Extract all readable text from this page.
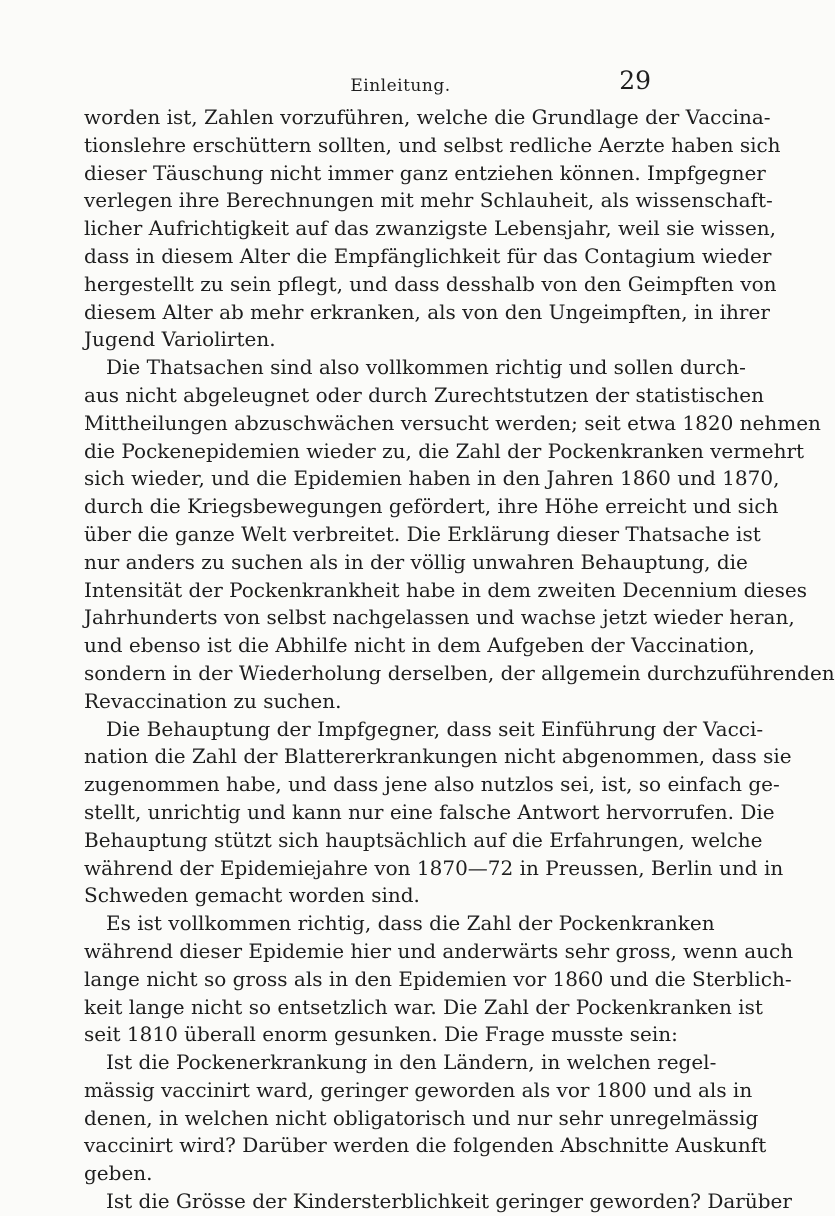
Einleitung.	29
worden ist, Zahlen vorzuführen, welche die Grundlage der Vaccina-
tionslehre erschüttern sollten, und selbst redliche Aerzte haben sich
dieser Täuschung nicht immer ganz entziehen können. Impfgegner
verlegen ihre Berechnungen mit mehr Schlauheit, als wissenschaft-
licher Aufrichtigkeit auf das zwanzigste Lebensjahr, weil sie wissen,
dass in diesem Alter die Empfänglichkeit für das Contagium wieder
hergestellt zu sein pflegt, und dass desshalb von den Geimpften von
diesem Alter ab mehr erkranken, als von den Ungeimpften, in ihrer
Jugend Variolirten.
Die Thatsachen sind also vollkommen richtig und sollen durch-
aus nicht abgeleugnet oder durch Zurechtstutzen der statistischen
Mittheilungen abzuschwächen versucht werden; seit etwa 1820 nehmen
die Pockenepidemien wieder zu, die Zahl der Pockenkranken vermehrt
sich wieder, und die Epidemien haben in den Jahren 1860 und 1870,
durch die Kriegsbewegungen gefördert, ihre Höhe erreicht und sich
über die ganze Welt verbreitet. Die Erklärung dieser Thatsache ist
nur anders zu suchen als in der völlig unwahren Behauptung, die
Intensität der Pockenkrankheit habe in dem zweiten Decennium dieses
Jahrhunderts von selbst nachgelassen und wachse jetzt wieder heran,
und ebenso ist die Abhilfe nicht in dem Aufgeben der Vaccination,
sondern in der Wiederholung derselben, der allgemein durchzuführenden
Revaccination zu suchen.
Die Behauptung der Impfgegner, dass seit Einführung der Vacci-
nation die Zahl der Blattererkrankungen nicht abgenommen, dass sie
zugenommen habe, und dass jene also nutzlos sei, ist, so einfach ge-
stellt, unrichtig und kann nur eine falsche Antwort hervorrufen. Die
Behauptung stützt sich hauptsächlich auf die Erfahrungen, welche
während der Epidemiejahre von 1870—72 in Preussen, Berlin und in
Schweden gemacht worden sind.
Es ist vollkommen richtig, dass die Zahl der Pockenkranken
während dieser Epidemie hier und anderwärts sehr gross, wenn auch
lange nicht so gross als in den Epidemien vor 1860 und die Sterblich-
keit lange nicht so entsetzlich war. Die Zahl der Pockenkranken ist
seit 1810 überall enorm gesunken. Die Frage musste sein:
Ist die Pockenerkrankung in den Ländern, in welchen regel-
mässig vaccinirt ward, geringer geworden als vor 1800 und als in
denen, in welchen nicht obligatorisch und nur sehr unregelmässig
vaccinirt wird? Darüber werden die folgenden Abschnitte Auskunft
geben.
Ist die Grösse der Kindersterblichkeit geringer geworden? Darüber
